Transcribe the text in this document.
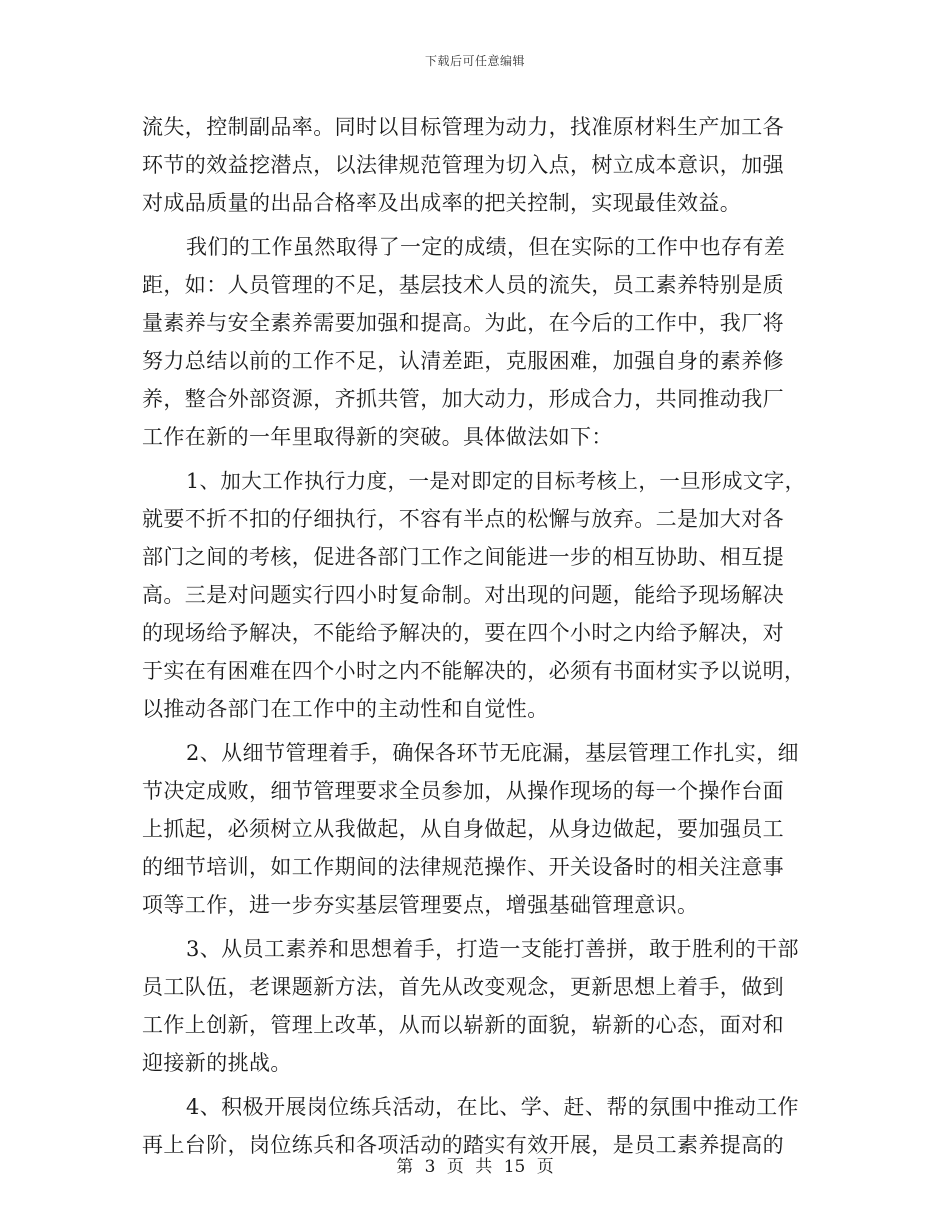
下载后可任意编辑
流失，控制副品率。同时以目标管理为动力，找准原材料生产加工各
环节的效益挖潜点，以法律规范管理为切入点，树立成本意识，加强
对成品质量的出品合格率及出成率的把关控制，实现最佳效益。
我们的工作虽然取得了一定的成绩，但在实际的工作中也存有差
距，如：人员管理的不足，基层技术人员的流失，员工素养特别是质
量素养与安全素养需要加强和提高。为此，在今后的工作中，我厂将
努力总结以前的工作不足，认清差距，克服困难，加强自身的素养修
养，整合外部资源，齐抓共管，加大动力，形成合力，共同推动我厂
工作在新的一年里取得新的突破。具体做法如下：
1、加大工作执行力度，一是对即定的目标考核上，一旦形成文字，
就要不折不扣的仔细执行，不容有半点的松懈与放弃。二是加大对各
部门之间的考核，促进各部门工作之间能进一步的相互协助、相互提
高。三是对问题实行四小时复命制。对出现的问题，能给予现场解决
的现场给予解决，不能给予解决的，要在四个小时之内给予解决，对
于实在有困难在四个小时之内不能解决的，必须有书面材实予以说明，
以推动各部门在工作中的主动性和自觉性。
2、从细节管理着手，确保各环节无庇漏，基层管理工作扎实，细
节决定成败，细节管理要求全员参加，从操作现场的每一个操作台面
上抓起，必须树立从我做起，从自身做起，从身边做起，要加强员工
的细节培训，如工作期间的法律规范操作、开关设备时的相关注意事
项等工作，进一步夯实基层管理要点，增强基础管理意识。
3、从员工素养和思想着手，打造一支能打善拼，敢于胜利的干部
员工队伍，老课题新方法，首先从改变观念，更新思想上着手，做到
工作上创新，管理上改革，从而以崭新的面貌，崭新的心态，面对和
迎接新的挑战。
4、积极开展岗位练兵活动，在比、学、赶、帮的氛围中推动工作
再上台阶，岗位练兵和各项活动的踏实有效开展，是员工素养提高的
第 3 页 共 15 页
